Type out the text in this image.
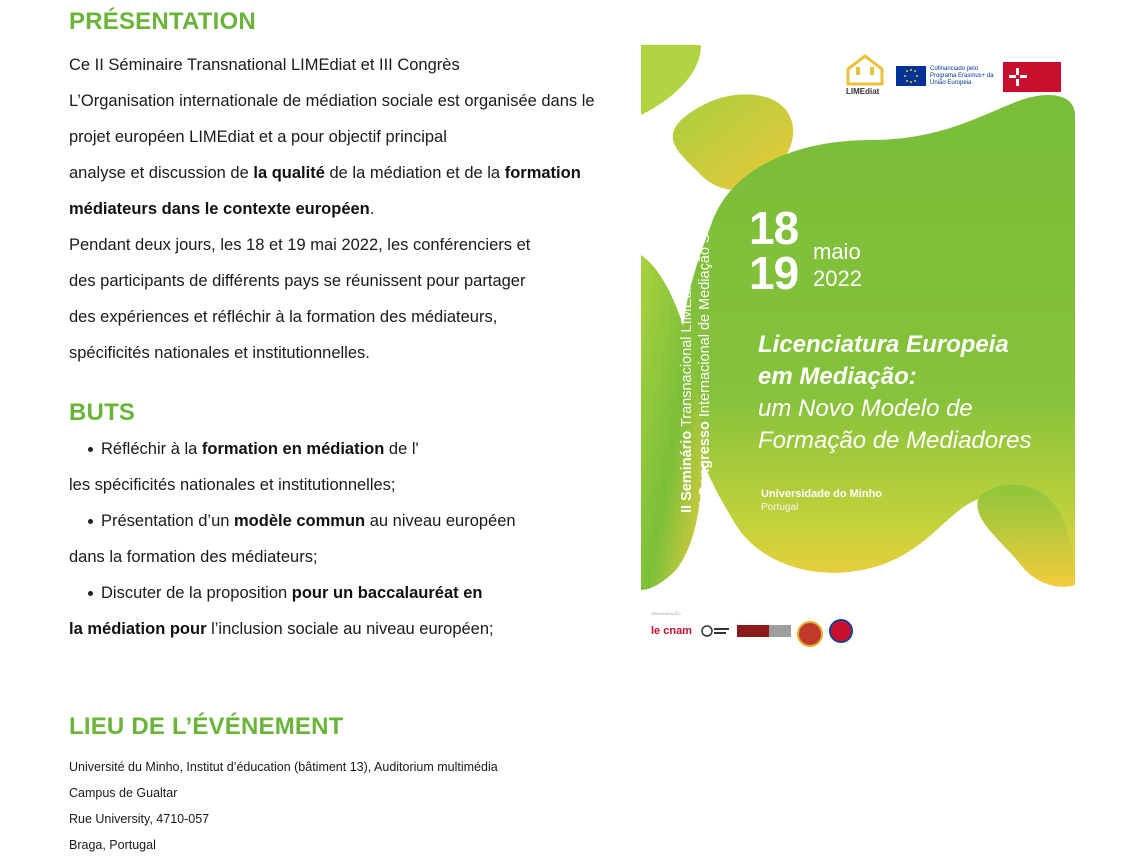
PRÉSENTATION
Ce II Séminaire Transnational LIMEdiat et III Congrès
L’Organisation internationale de médiation sociale est organisée dans le
projet européen LIMEdiat et a pour objectif principal
analyse et discussion de la qualité de la médiation et de la formation
médiateurs dans le contexte européen.
Pendant deux jours, les 18 et 19 mai 2022, les conférenciers et
des participants de différents pays se réunissent pour partager
des expériences et réfléchir à la formation des médiateurs,
spécificités nationales et institutionnelles.
BUTS
Réfléchir à la formation en médiation de l'
les spécificités nationales et institutionnelles;
Présentation d’un modèle commun au niveau européen
dans la formation des médiateurs;
Discuter de la proposition pour un baccalauréat en
la médiation pour l’inclusion sociale au niveau européen;
LIEU DE L’ÉVÉNEMENT
Université du Minho, Institut d’éducation (bâtiment 13), Auditorium multimédia
Campus de Gualtar
Rue University, 4710-057
Braga, Portugal
LIMEdiat
Cofinanciado pelo Programa Erasmus+ da União Europeia
18
19 maio
2022
Licenciatura Europeia
em Mediação:
um Novo Modelo de
Formação de Mediadores
Universidade do Minho
Portugal
II Seminário Transnacional LIMEdiat
III Congresso Internacional de Mediação Social
ORGANIZAÇÃO
le cnam
